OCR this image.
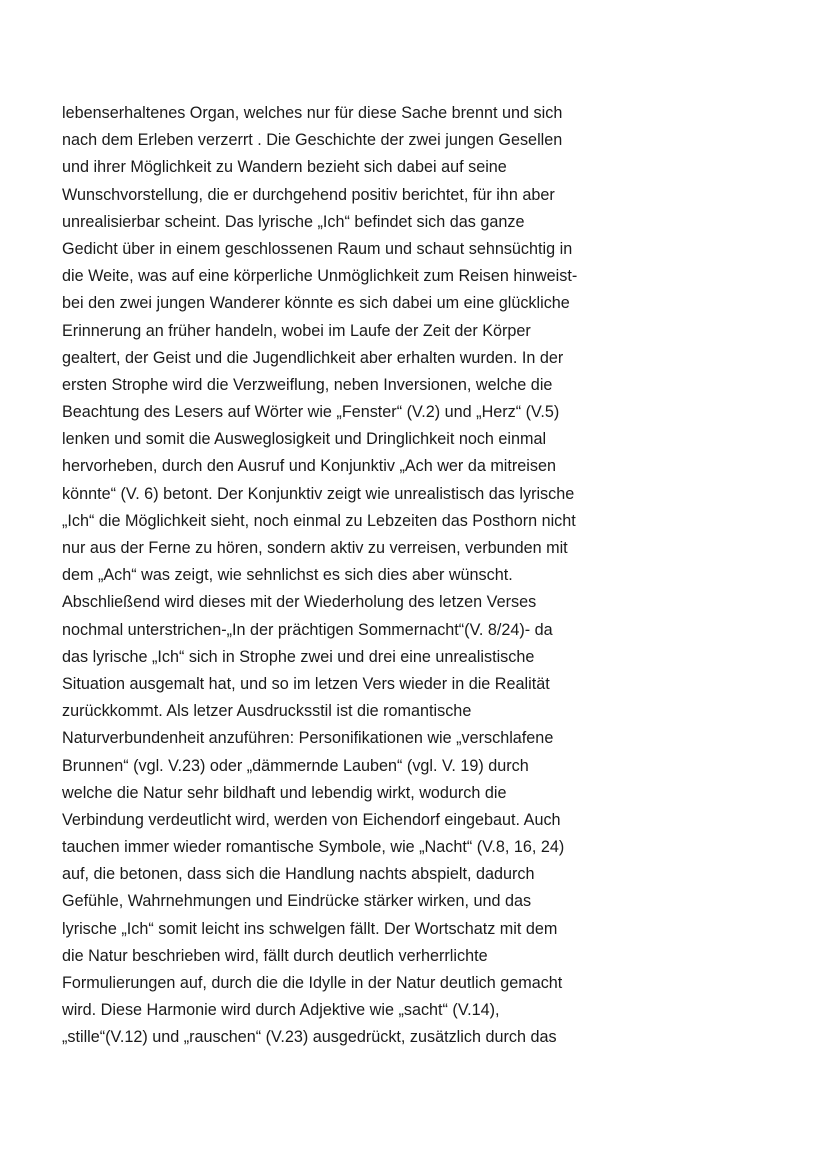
lebenserhaltenes Organ, welches nur für diese Sache brennt und sich
nach dem Erleben verzerrt . Die Geschichte der zwei jungen Gesellen
und ihrer Möglichkeit zu Wandern bezieht sich dabei auf seine
Wunschvorstellung, die er durchgehend positiv berichtet, für ihn aber
unrealisierbar scheint. Das lyrische „Ich“ befindet sich das ganze
Gedicht über in einem geschlossenen Raum und schaut sehnsüchtig in
die Weite, was auf eine körperliche Unmöglichkeit zum Reisen hinweist-
bei den zwei jungen Wanderer könnte es sich dabei um eine glückliche
Erinnerung an früher handeln, wobei im Laufe der Zeit der Körper
gealtert, der Geist und die Jugendlichkeit aber erhalten wurden. In der
ersten Strophe wird die Verzweiflung, neben Inversionen, welche die
Beachtung des Lesers auf Wörter wie „Fenster“ (V.2) und „Herz“ (V.5)
lenken und somit die Ausweglosigkeit und Dringlichkeit noch einmal
hervorheben, durch den Ausruf und Konjunktiv „Ach wer da mitreisen
könnte“ (V. 6) betont. Der Konjunktiv zeigt wie unrealistisch das lyrische
„Ich“ die Möglichkeit sieht, noch einmal zu Lebzeiten das Posthorn nicht
nur aus der Ferne zu hören, sondern aktiv zu verreisen, verbunden mit
dem „Ach“ was zeigt, wie sehnlichst es sich dies aber wünscht.
Abschließend wird dieses mit der Wiederholung des letzen Verses
nochmal unterstrichen-„In der prächtigen Sommernacht“(V. 8/24)- da
das lyrische „Ich“ sich in Strophe zwei und drei eine unrealistische
Situation ausgemalt hat, und so im letzen Vers wieder in die Realität
zurückkommt. Als letzer Ausdrucksstil ist die romantische
Naturverbundenheit anzuführen: Personifikationen wie „verschlafene
Brunnen“ (vgl. V.23) oder „dämmernde Lauben“ (vgl. V. 19) durch
welche die Natur sehr bildhaft und lebendig wirkt, wodurch die
Verbindung verdeutlicht wird, werden von Eichendorf eingebaut. Auch
tauchen immer wieder romantische Symbole, wie „Nacht“ (V.8, 16, 24)
auf, die betonen, dass sich die Handlung nachts abspielt, dadurch
Gefühle, Wahrnehmungen und Eindrücke stärker wirken, und das
lyrische „Ich“ somit leicht ins schwelgen fällt. Der Wortschatz mit dem
die Natur beschrieben wird, fällt durch deutlich verherrlichte
Formulierungen auf, durch die die Idylle in der Natur deutlich gemacht
wird. Diese Harmonie wird durch Adjektive wie „sacht“ (V.14),
„stille“(V.12) und „rauschen“ (V.23) ausgedrückt, zusätzlich durch das
